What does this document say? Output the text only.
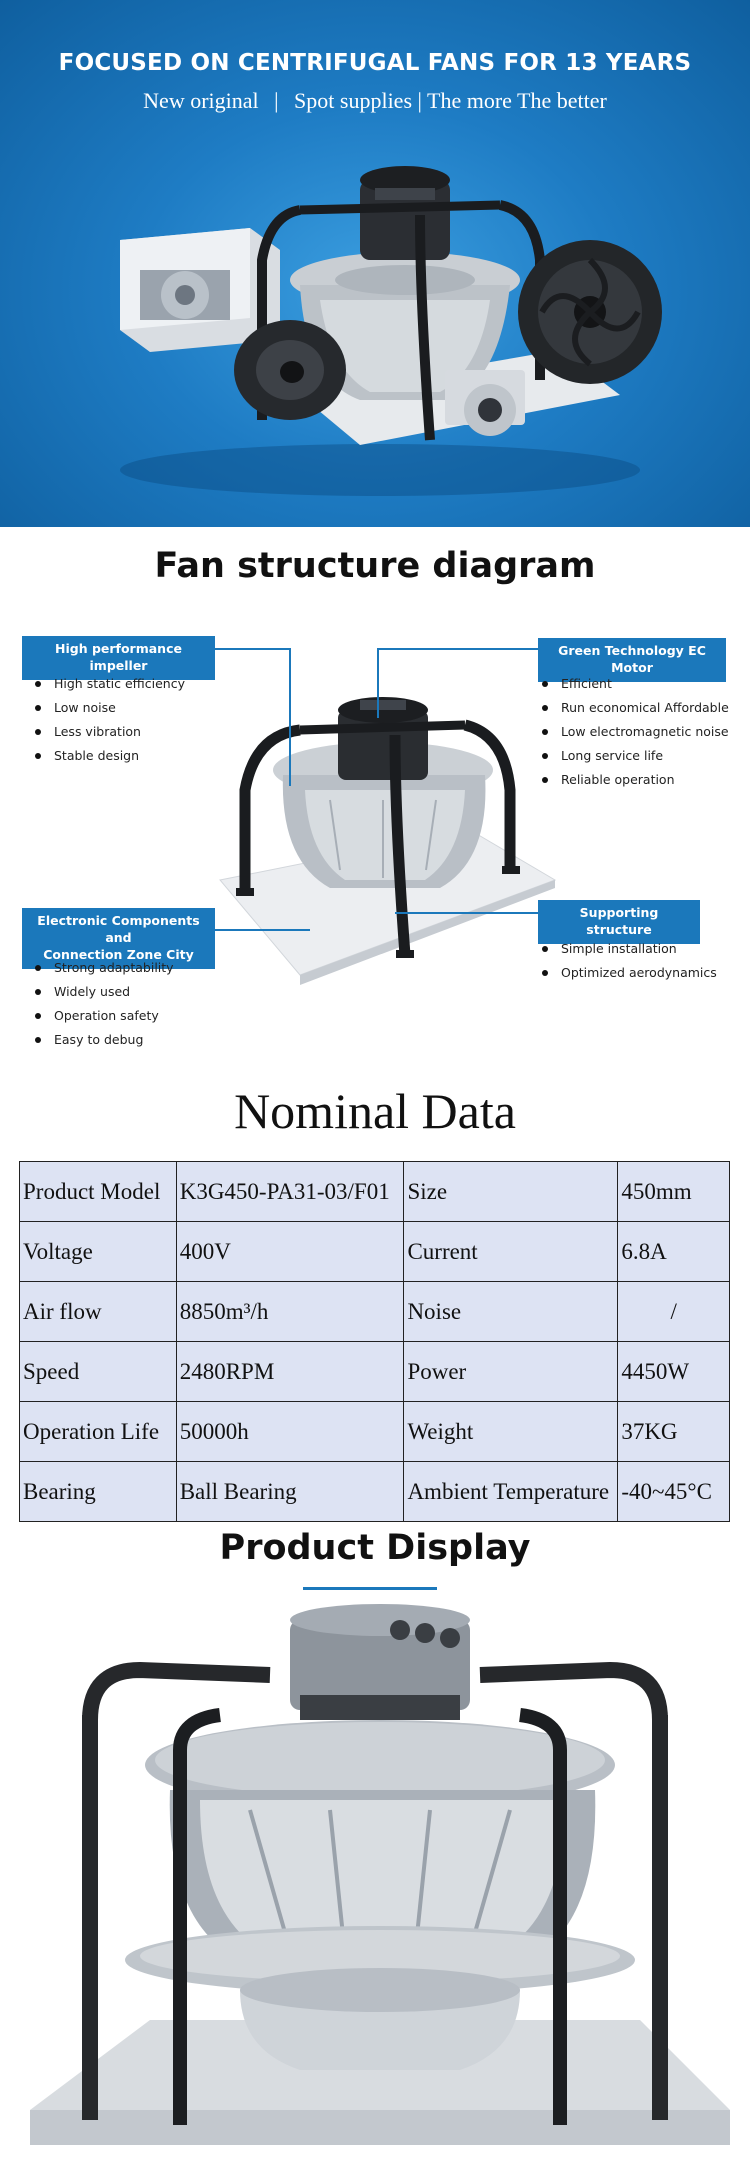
FOCUSED ON CENTRIFUGAL FANS FOR 13 YEARS
New original | Spot supplies | The more The better
Fan structure diagram
High performance impeller
Green Technology EC Motor
Electronic Components and
Connection Zone City
Supporting structure
High static efficiency
Low noise
Less vibration
Stable design
Efficient
Run economical Affordable
Low electromagnetic noise
Long service life
Reliable operation
Strong adaptability
Widely used
Operation safety
Easy to debug
Simple installation
Optimized aerodynamics
Nominal Data
Product Model	K3G450-PA31-03/F01	Size	450mm
Voltage	400V	Current	6.8A
Air flow	8850m³/h	Noise	/
Speed	2480RPM	Power	4450W
Operation Life	50000h	Weight	37KG
Bearing	Ball Bearing	Ambient Temperature	-40~45°C
Product Display
